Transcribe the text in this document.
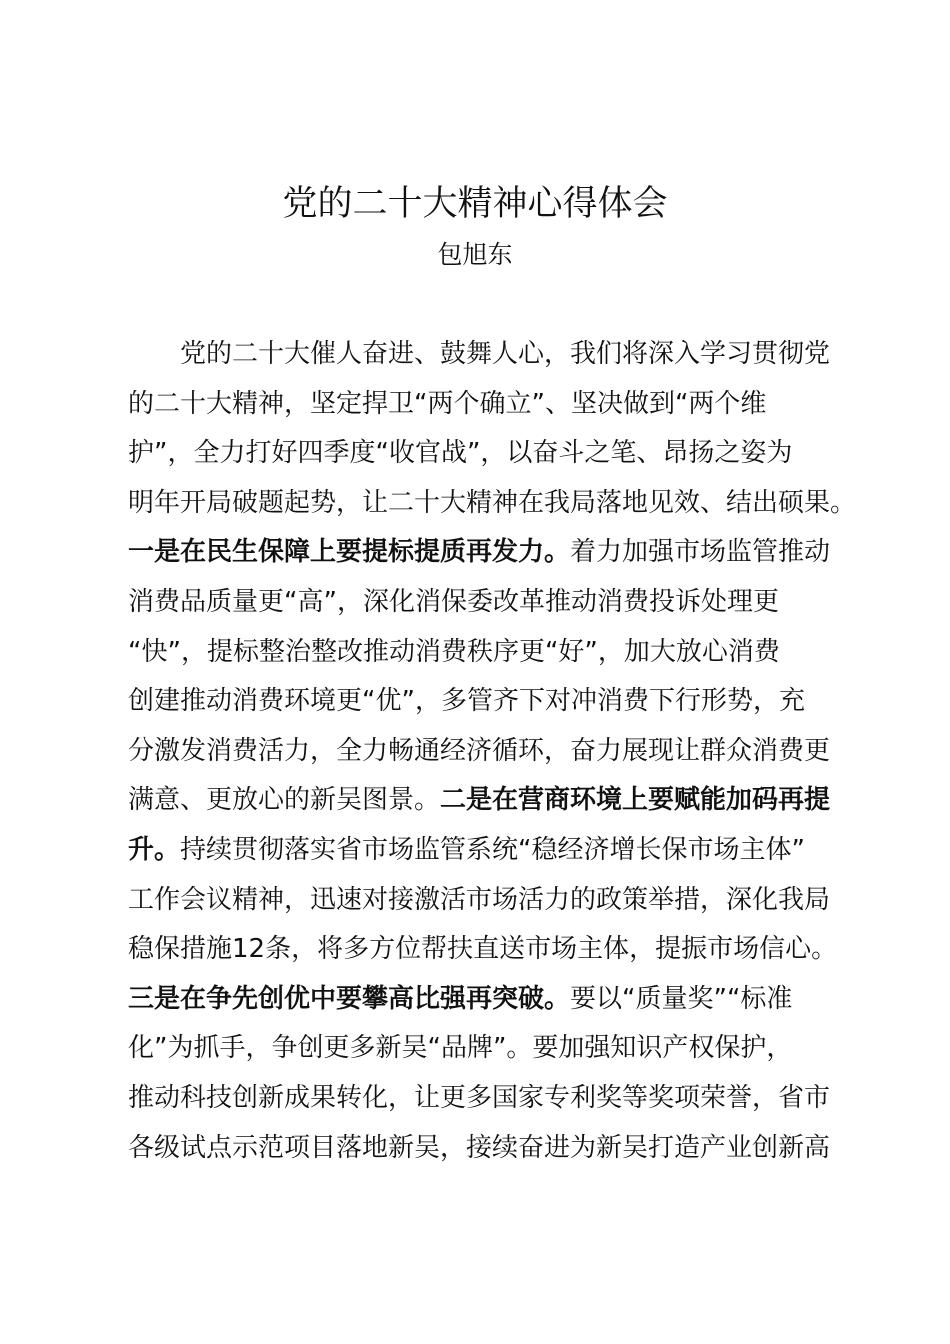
党的二十大精神心得体会
包旭东
党的二十大催人奋进、鼓舞人心，我们将深入学习贯彻党
的二十大精神，坚定捍卫“两个确立”、坚决做到“两个维
护”，全力打好四季度“收官战”，以奋斗之笔、昂扬之姿为
明年开局破题起势，让二十大精神在我局落地见效、结出硕果。
一是在民生保障上要提标提质再发力。着力加强市场监管推动
消费品质量更“高”，深化消保委改革推动消费投诉处理更
“快”，提标整治整改推动消费秩序更“好”，加大放心消费
创建推动消费环境更“优”，多管齐下对冲消费下行形势，充
分激发消费活力，全力畅通经济循环，奋力展现让群众消费更
满意、更放心的新吴图景。二是在营商环境上要赋能加码再提
升。持续贯彻落实省市场监管系统“稳经济增长保市场主体”
工作会议精神，迅速对接激活市场活力的政策举措，深化我局
稳保措施12条，将多方位帮扶直送市场主体，提振市场信心。
三是在争先创优中要攀高比强再突破。要以“质量奖”“标准
化”为抓手，争创更多新吴“品牌”。要加强知识产权保护，
推动科技创新成果转化，让更多国家专利奖等奖项荣誉，省市
各级试点示范项目落地新吴，接续奋进为新吴打造产业创新高
